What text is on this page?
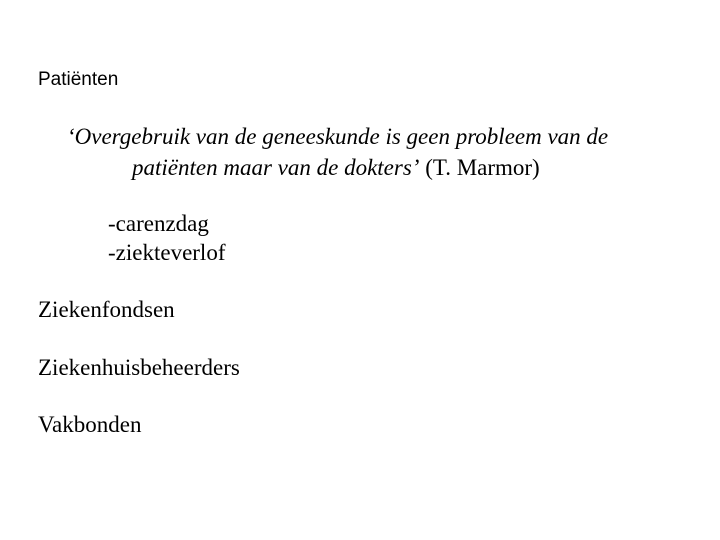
Patiënten
‘Overgebruik van de geneeskunde is geen probleem van de
patiënten maar van de dokters’ (T. Marmor)
-carenzdag
-ziekteverlof
Ziekenfondsen
Ziekenhuisbeheerders
Vakbonden
